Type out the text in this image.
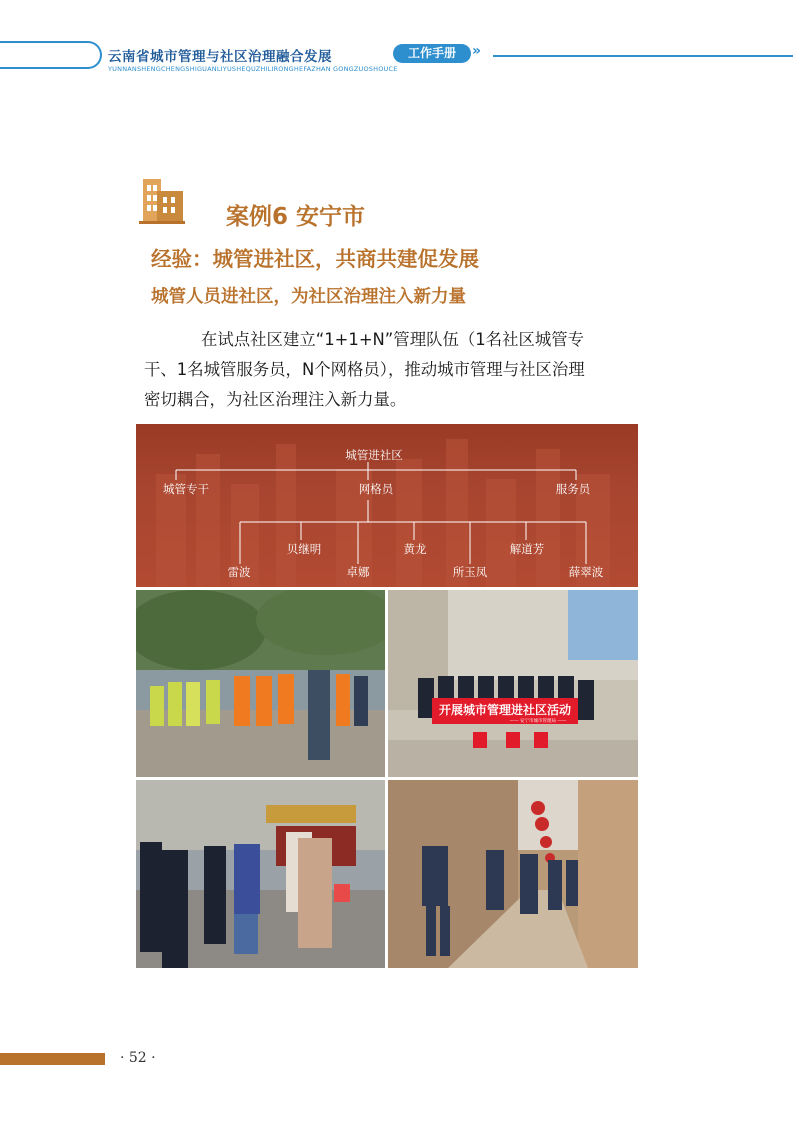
云南省城市管理与社区治理融合发展	工作手册	»
YUNNANSHENGCHENGSHIGUANLIYUSHEQUZHILIRONGHEFAZHAN GONGZUOSHOUCE
案例6 安宁市
经验：城管进社区，共商共建促发展
城管人员进社区，为社区治理注入新力量
在试点社区建立“1+1+N”管理队伍（1名社区城管专
干、1名城管服务员，N个网格员），推动城市管理与社区治理
密切耦合，为社区治理注入新力量。
城管进社区
城管专干	网格员	服务员
贝继明	黄龙	解道芳
雷波	卓娜	所玉凤	薛翠波
开展城市管理进社区活动
—— 安宁市城市管理局 ——
· 52 ·
